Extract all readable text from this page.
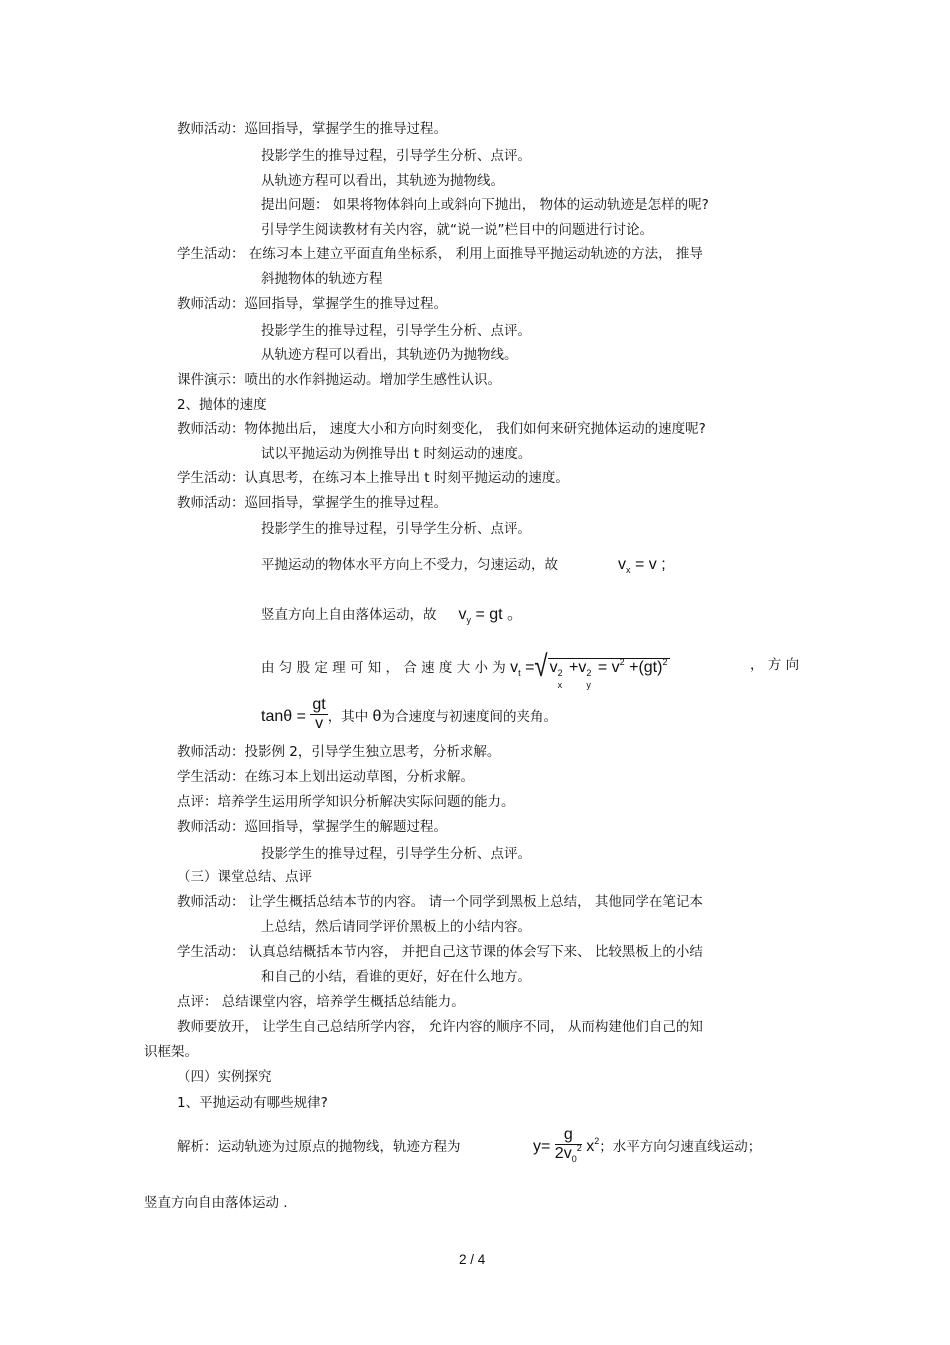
教师活动：巡回指导，掌握学生的推导过程。
投影学生的推导过程，引导学生分析、点评。
从轨迹方程可以看出，其轨迹为抛物线。
提出问题： 如果将物体斜向上或斜向下抛出， 物体的运动轨迹是怎样的呢?
引导学生阅读教材有关内容，就“说一说”栏目中的问题进行讨论。
学生活动： 在练习本上建立平面直角坐标系， 利用上面推导平抛运动轨迹的方法， 推导
斜抛物体的轨迹方程
教师活动：巡回指导，掌握学生的推导过程。
投影学生的推导过程，引导学生分析、点评。
从轨迹方程可以看出，其轨迹仍为抛物线。
课件演示：喷出的水作斜抛运动。增加学生感性认识。
2、抛体的速度
教师活动：物体抛出后， 速度大小和方向时刻变化， 我们如何来研究抛体运动的速度呢?
试以平抛运动为例推导出 t 时刻运动的速度。
学生活动：认真思考，在练习本上推导出 t 时刻平抛运动的速度。
教师活动：巡回指导，掌握学生的推导过程。
投影学生的推导过程，引导学生分析、点评。
平抛运动的物体水平方向上不受力，匀速运动，故	$v_x = v$ ;
竖直方向上自由落体运动，故 $v_y$ = gt 。
由 匀 股 定 理 可 知 ， 合 速 度 大 小 为 $v_t$ =√ v 2
x
+v 2
y
= $v^2 +(gt)^2$	， 方 向
$\tan\theta = \frac{gt}{v}$ ，其中 θ为合速度与初速度间的夹角。
教师活动：投影例 2，引导学生独立思考，分析求解。
学生活动：在练习本上划出运动草图，分析求解。
点评：培养学生运用所学知识分析解决实际问题的能力。
教师活动：巡回指导，掌握学生的解题过程。
投影学生的推导过程，引导学生分析、点评。
（三）课堂总结、点评
教师活动： 让学生概括总结本节的内容。 请一个同学到黑板上总结， 其他同学在笔记本
上总结，然后请同学评价黑板上的小结内容。
学生活动： 认真总结概括本节内容， 并把自己这节课的体会写下来、 比较黑板上的小结
和自己的小结，看谁的更好，好在什么地方。
点评： 总结课堂内容，培养学生概括总结能力。
教师要放开， 让学生自己总结所学内容， 允许内容的顺序不同， 从而构建他们自己的知
识框架。
（四）实例探究
1、平抛运动有哪些规律?
解析：运动轨迹为过原点的抛物线，轨迹方程为	$y= \frac{g}{2v_0^2} x^2$；水平方向匀速直线运动；
竖直方向自由落体运动 .
2 / 4
